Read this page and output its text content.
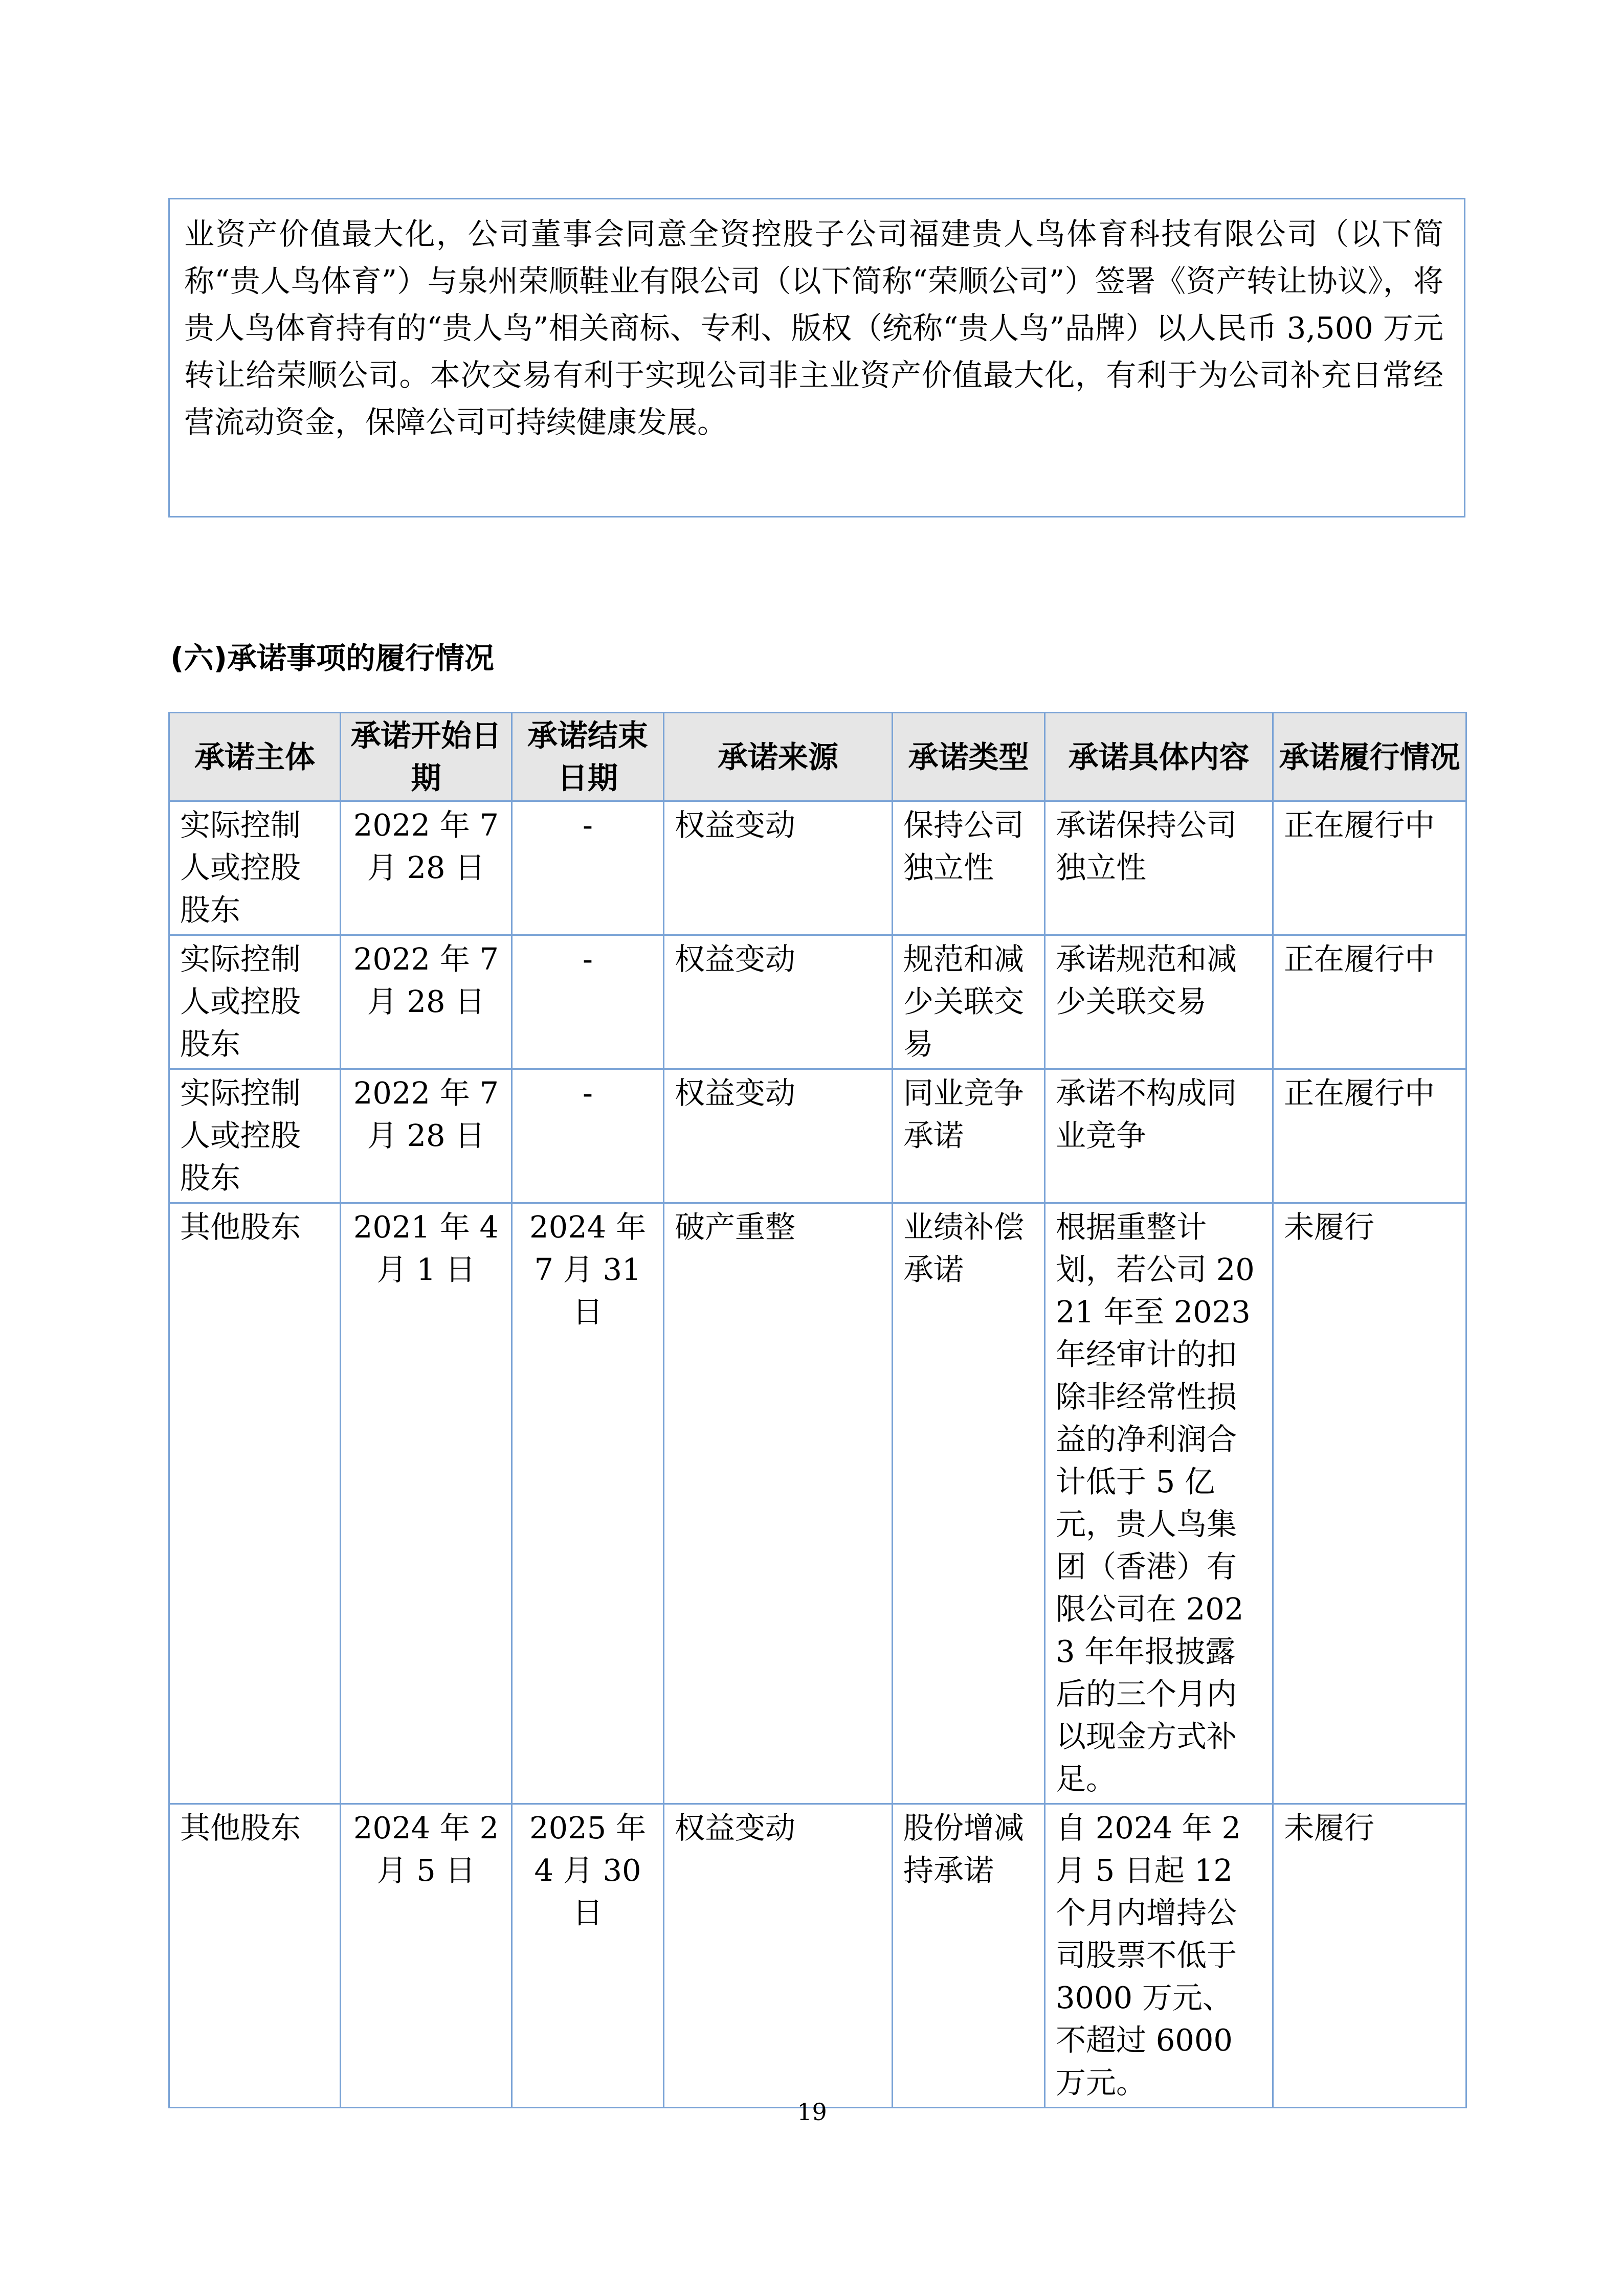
业资产价值最大化，公司董事会同意全资控股子公司福建贵人鸟体育科技有限公司（以下简称“贵人鸟体育”）与泉州荣顺鞋业有限公司（以下简称“荣顺公司”）签署《资产转让协议》，将贵人鸟体育持有的“贵人鸟”相关商标、专利、版权（统称“贵人鸟”品牌）以人民币 3,500 万元转让给荣顺公司。本次交易有利于实现公司非主业资产价值最大化，有利于为公司补充日常经营流动资金，保障公司可持续健康发展。

(六)承诺事项的履行情况
承诺主体	承诺开始日期	承诺结束日期	承诺来源	承诺类型	承诺具体内容	承诺履行情况
实际控制人或控股股东	2022 年 7 月 28 日	-	权益变动	保持公司独立性	承诺保持公司独立性	正在履行中
实际控制人或控股股东	2022 年 7 月 28 日	-	权益变动	规范和减少关联交易	承诺规范和减少关联交易	正在履行中
实际控制人或控股股东	2022 年 7 月 28 日	-	权益变动	同业竞争承诺	承诺不构成同业竞争	正在履行中
其他股东	2021 年 4 月 1 日	2024 年 7 月 31 日	破产重整	业绩补偿承诺	根据重整计划，若公司 2021 年至 2023 年经审计的扣除非经常性损益的净利润合计低于 5 亿元，贵人鸟集团（香港）有限公司在 2023 年年报披露后的三个月内以现金方式补足。	未履行
其他股东	2024 年 2 月 5 日	2025 年 4 月 30 日	权益变动	股份增减持承诺	自 2024 年 2 月 5 日起 12 个月内增持公司股票不低于 3000 万元、不超过 6000 万元。	未履行
19
